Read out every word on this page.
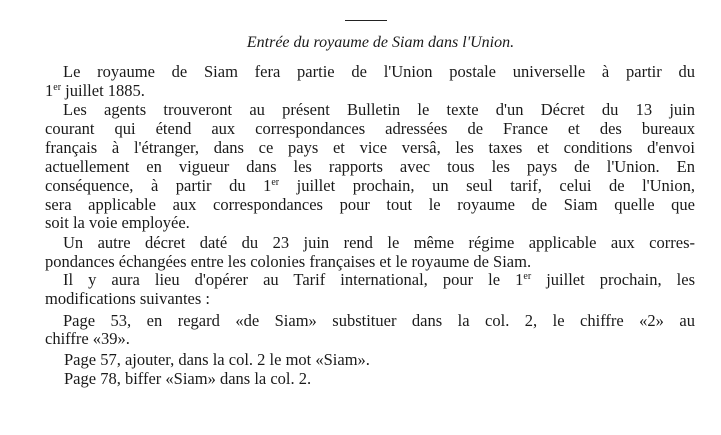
Entrée du royaume de Siam dans l'Union.
Le royaume de Siam fera partie de l'Union postale universelle à partir du
1er juillet 1885.
Les agents trouveront au présent Bulletin le texte d'un Décret du 13 juin
courant qui étend aux correspondances adressées de France et des bureaux
français à l'étranger, dans ce pays et vice versâ, les taxes et conditions d'envoi
actuellement en vigueur dans les rapports avec tous les pays de l'Union. En
conséquence, à partir du 1er juillet prochain, un seul tarif, celui de l'Union,
sera applicable aux correspondances pour tout le royaume de Siam quelle que
soit la voie employée.
Un autre décret daté du 23 juin rend le même régime applicable aux corres-
pondances échangées entre les colonies françaises et le royaume de Siam.
Il y aura lieu d'opérer au Tarif international, pour le 1er juillet prochain, les
modifications suivantes :
Page 53, en regard «de Siam» substituer dans la col. 2, le chiffre «2» au
chiffre «39».
Page 57, ajouter, dans la col. 2 le mot «Siam».
Page 78, biffer «Siam» dans la col. 2.
